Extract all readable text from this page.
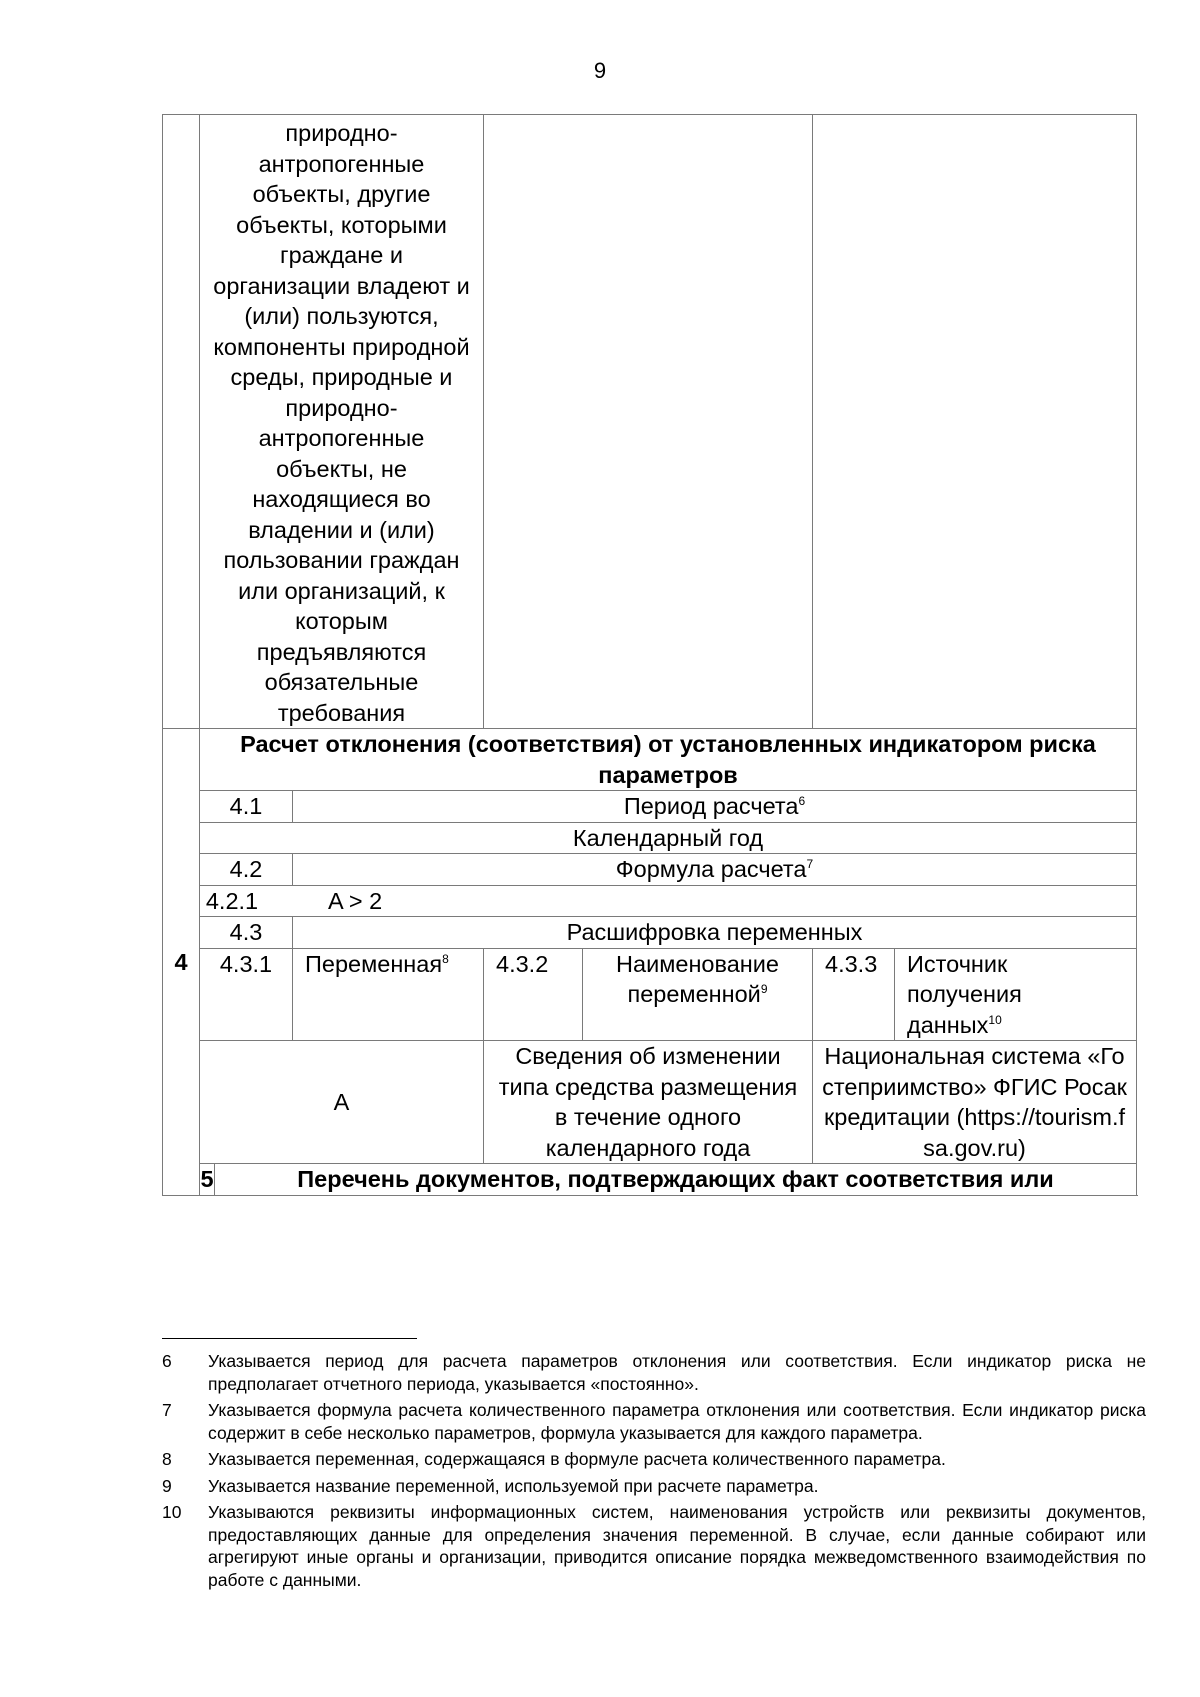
9

	природно-антропогенные объекты, другие объекты, которыми граждане и организации владеют и (или) пользуются, компоненты природной среды, природные и природно-антропогенные объекты, не находящиеся во владении и (или) пользовании граждан или организаций, к которым предъявляются обязательные требования						

4	Расчет отклонения (соответствия) от установленных индикатором риска параметров						

	4.1		Период расчета$^6$
	Календарный год						
	4.2		Формула расчета$^7$
	4.2.1 A > 2						
	4.3		Расшифровка переменных				
	4.3.1		Переменная$^8$	4.3.2	Наименование переменной$^9$	4.3.3	Источник получения данных$^{10}$

	A			Сведения об изменении типа средства размещения в течение одного календарного года		Национальная система «Гостеприимство» ФГИС Росаккредитации (https://tourism.fsa.gov.ru)	

	5	Перечень документов, подтверждающих факт соответствия или					
6	Указывается период для расчета параметров отклонения или соответствия. Если индикатор риска не предполагает отчетного периода, указывается «постоянно».
7	Указывается формула расчета количественного параметра отклонения или соответствия. Если индикатор риска содержит в себе несколько параметров, формула указывается для каждого параметра.
8	Указывается переменная, содержащаяся в формуле расчета количественного параметра.
9	Указывается название переменной, используемой при расчете параметра.
10	Указываются реквизиты информационных систем, наименования устройств или реквизиты документов, предоставляющих данные для определения значения переменной. В случае, если данные собирают или агрегируют иные органы и организации, приводится описание порядка межведомственного взаимодействия по работе с данными.
